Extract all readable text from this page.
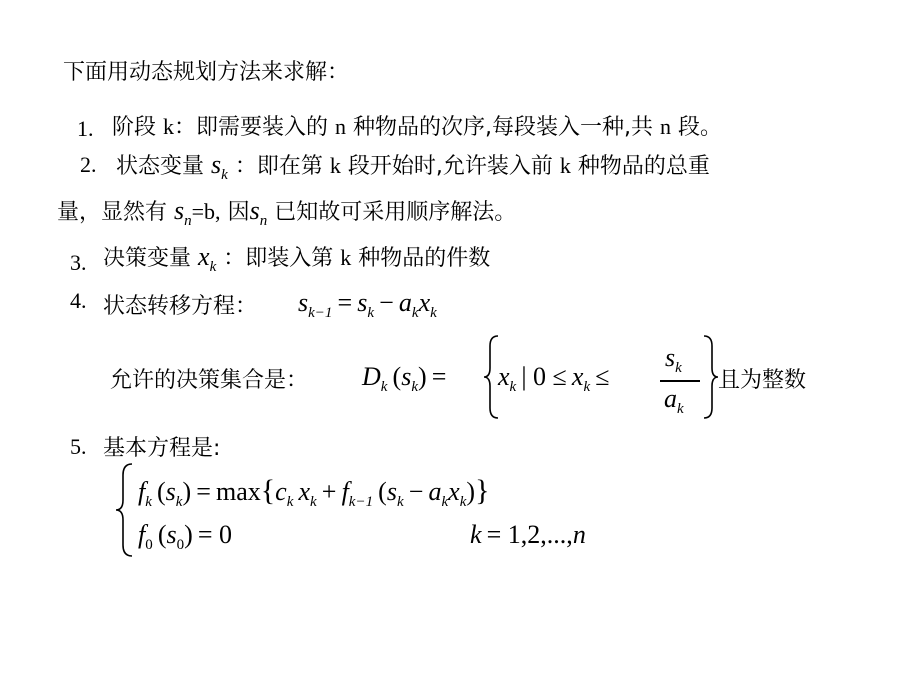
下面用动态规划方法来求解：
1. 阶段 k：即需要装入的 n 种物品的次序,每段装入一种,共 n 段。
2. 状态变量 $s_k$ ：即在第 k 段开始时,允许装入前 k 种物品的总重
量，显然有 $s_n=b$, 因$s_n$ 已知故可采用顺序解法。
3. 决策变量 $x_k$ ：即装入第 k 种物品的件数
4. 状态转移方程： sk−1 = sk − akxk
允许的决策集合是： Dk (sk) = xk | 0 ≤ xk ≤
sk
ak
且为整数
5. 基本方程是:
fk (sk) = max{ck xk + fk−1 (sk − akxk)}
f0 (s0) = 0	k = 1,2,...,n
